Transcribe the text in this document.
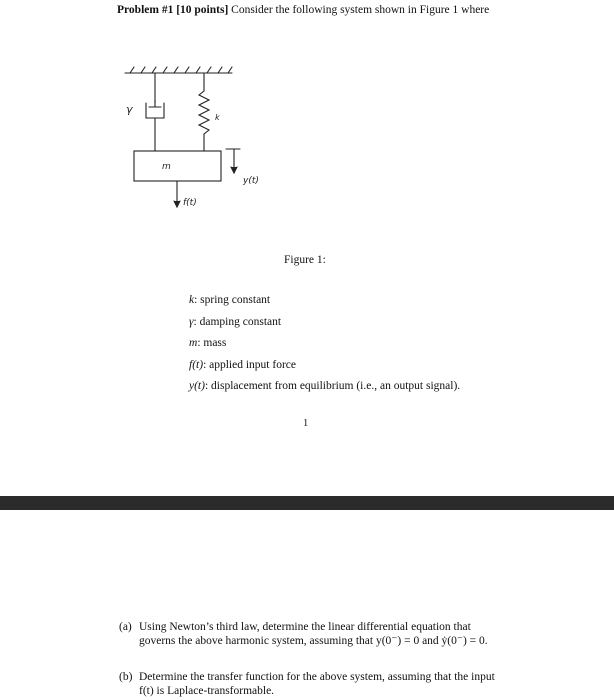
Problem #1 [10 points] Consider the following system shown in Figure 1 where
γ
k
m
y(t)
f(t)
Figure 1:
k: spring constant
γ: damping constant
m: mass
f(t): applied input force
y(t): displacement from equilibrium (i.e., an output signal).
1
(a) Using Newton’s third law, determine the linear differential equation that governs the above harmonic system, assuming that y(0⁻) = 0 and ẏ(0⁻) = 0.
(b) Determine the transfer function for the above system, assuming that the input f(t) is Laplace-transformable.
